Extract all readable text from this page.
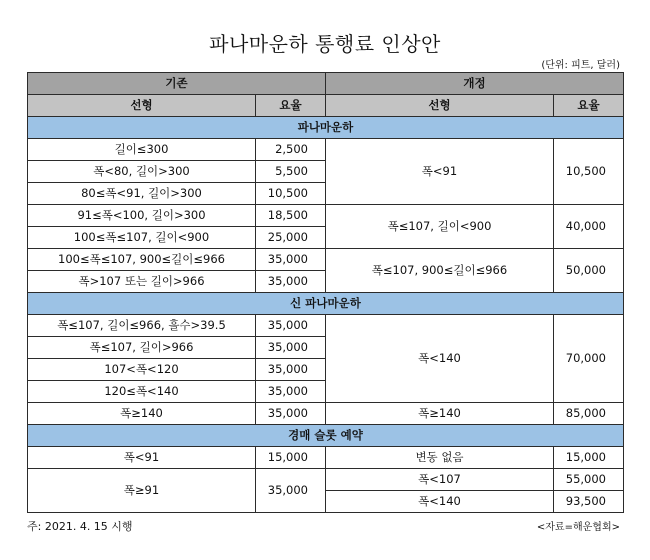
파나마운하 통행료 인상안
(단위: 피트, 달러)
기존		개정	
선형	요율	선형	요율
파나마운하			
길이≤300	2,500	폭<91	10,500
폭<80, 길이>300	5,500		
80≤폭<91, 길이>300	10,500		
91≤폭<100, 길이>300	18,500	폭≤107, 길이<900	40,000
100≤폭≤107, 길이<900	25,000		
100≤폭≤107, 900≤길이≤966	35,000	폭≤107, 900≤길이≤966	50,000
폭>107 또는 길이>966	35,000		
신 파나마운하			
폭≤107, 길이≤966, 흘수>39.5	35,000	폭<140	70,000
폭≤107, 길이>966	35,000		
107<폭<120	35,000		
120≤폭<140	35,000		
폭≥140	35,000	폭≥140	85,000
경매 슬롯 예약			
폭<91	15,000	변동 없음	15,000
폭≥91	35,000	폭<107	55,000
		폭<140	93,500
주: 2021. 4. 15 시행	<자료=해운협회>
